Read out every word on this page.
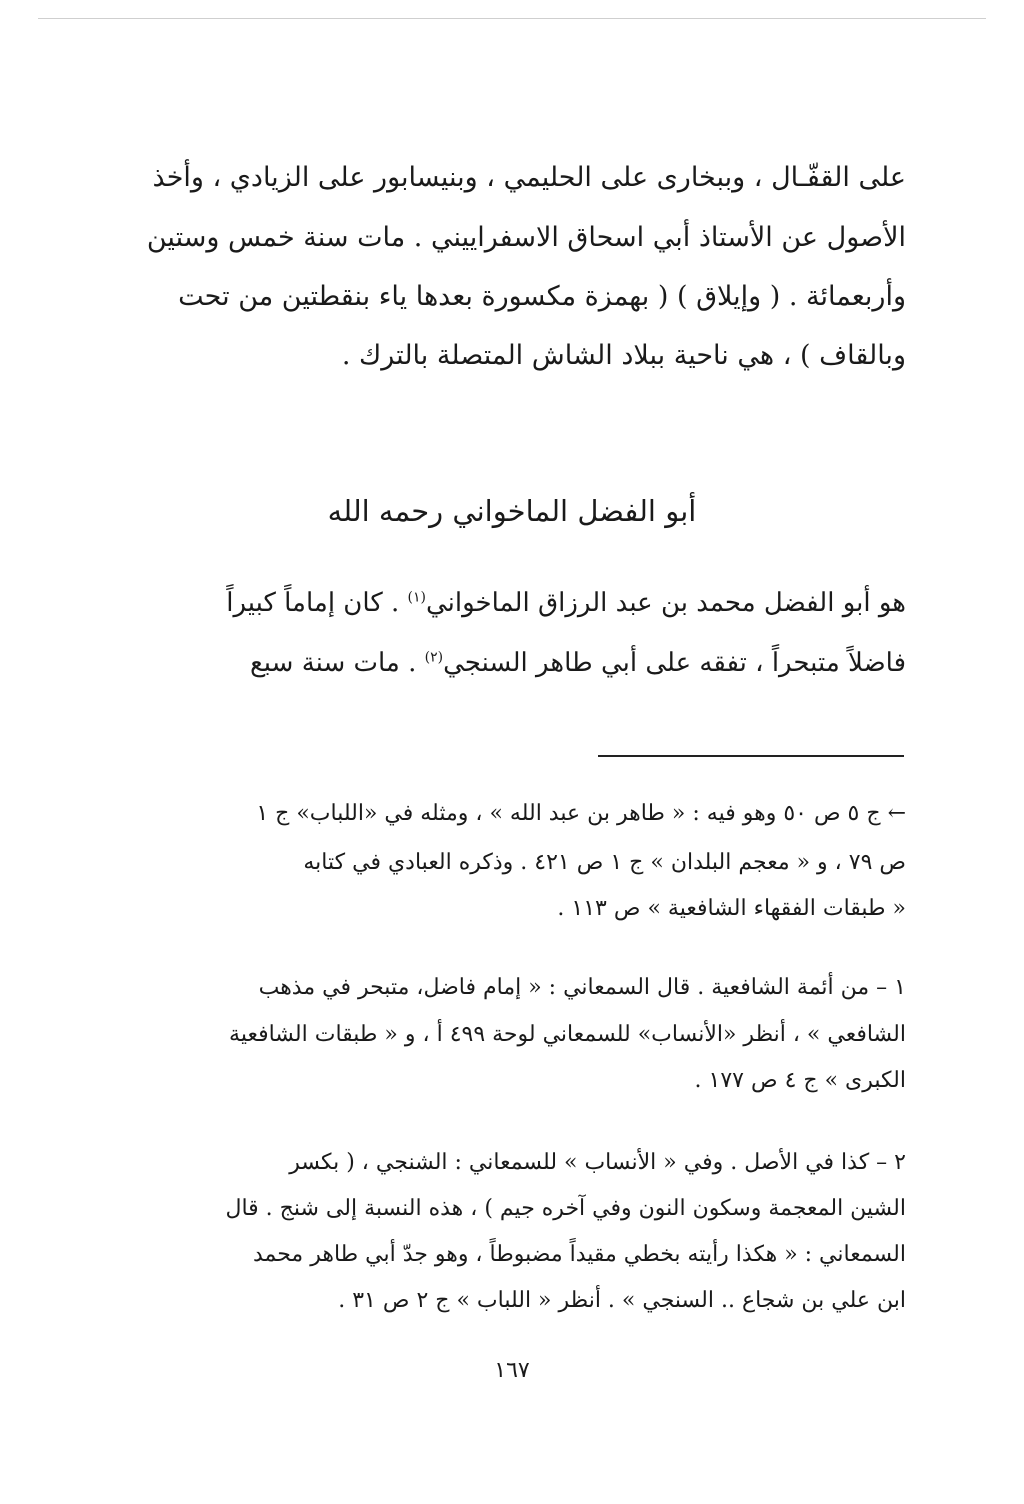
على القفّـال ، وببخارى على الحليمي ، وبنيسابور على الزيادي ، وأخذ
الأصول عن الأستاذ أبي اسحاق الاسفراييني . مات سنة خمس وستين
وأربعمائة . ( وإيلاق ) ( بهمزة مكسورة بعدها ياء بنقطتين من تحت
وبالقاف ) ، هي ناحية ببلاد الشاش المتصلة بالترك .
أبو الفضل الماخواني رحمه الله
هو أبو الفضل محمد بن عبد الرزاق الماخواني$^{(١)}$ . كان إماماً كبيراً
فاضلاً متبحراً ، تفقه على أبي طاهر السنجي$^{(٢)}$ . مات سنة سبع
← ج ٥ ص ٥٠ وهو فيه : « طاهر بن عبد الله » ، ومثله في «اللباب» ج ١
ص ٧٩ ، و « معجم البلدان » ج ١ ص ٤٢١ . وذكره العبادي في كتابه
« طبقات الفقهاء الشافعية » ص ١١٣ .
١ – من أئمة الشافعية . قال السمعاني : « إمام فاضل، متبحر في مذهب
الشافعي » ، أنظر «الأنساب» للسمعاني لوحة ٤٩٩ أ ، و « طبقات الشافعية
الكبرى » ج ٤ ص ١٧٧ .
٢ – كذا في الأصل . وفي « الأنساب » للسمعاني : الشنجي ، ( بكسر
الشين المعجمة وسكون النون وفي آخره جيم ) ، هذه النسبة إلى شنج . قال
السمعاني : « هكذا رأيته بخطي مقيداً مضبوطاً ، وهو جدّ أبي طاهر محمد
ابن علي بن شجاع .. السنجي » . أنظر « اللباب » ج ٢ ص ٣١ .
١٦٧
